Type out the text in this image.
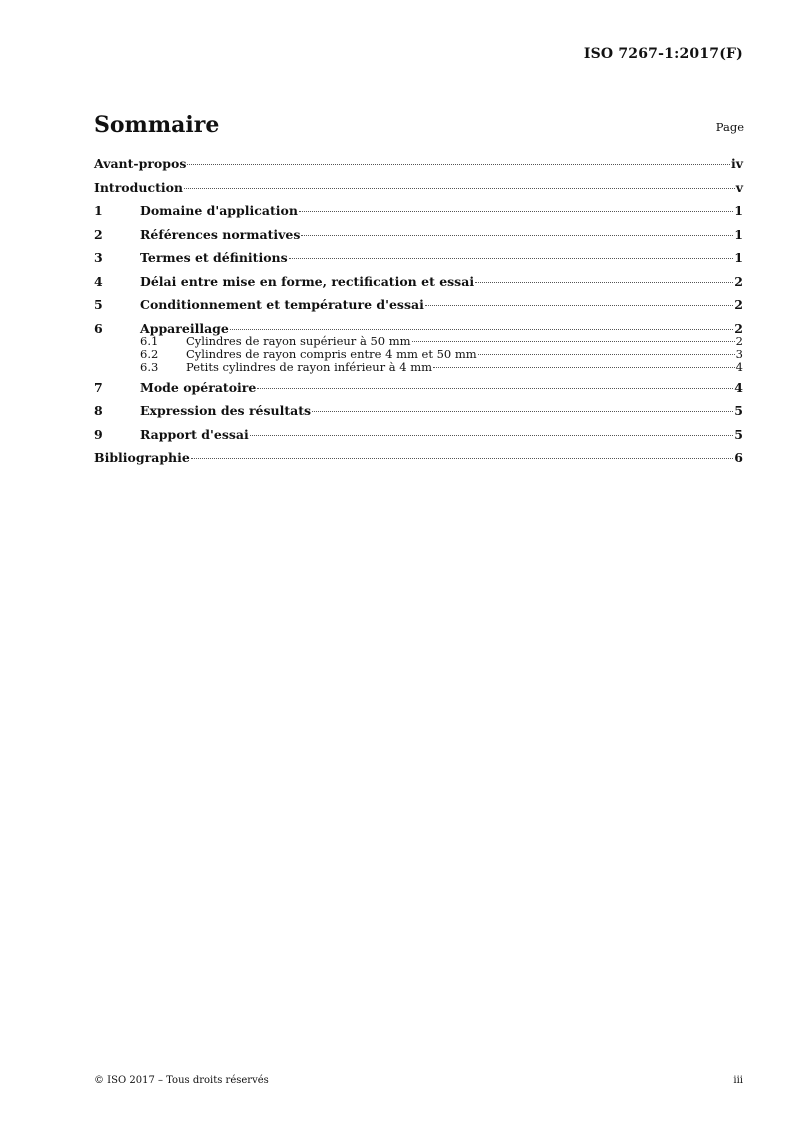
ISO 7267-1:2017(F)
Sommaire	Page
Avant-propos	iv
Introduction	v
1	Domaine d'application	1
2	Références normatives	1
3	Termes et définitions	1
4	Délai entre mise en forme, rectification et essai	2
5	Conditionnement et température d'essai	2
6	Appareillage	2
6.1	Cylindres de rayon supérieur à 50 mm	2
6.2	Cylindres de rayon compris entre 4 mm et 50 mm	3
6.3	Petits cylindres de rayon inférieur à 4 mm	4
7	Mode opératoire	4
8	Expression des résultats	5
9	Rapport d'essai	5
Bibliographie	6
© ISO 2017 – Tous droits réservés	iii
